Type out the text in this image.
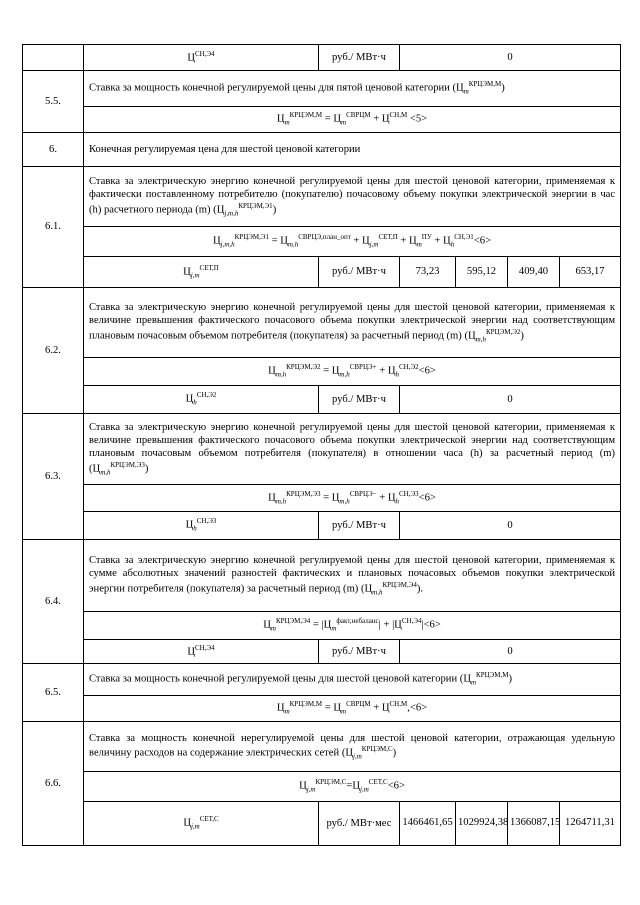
	$Ц^{СН,Э4}$	руб./ МВт·ч	0			
5.5.	Ставка за мощность конечной регулируемой цены для пятой ценовой категории $(Ц_m^{КРЦЭМ,М})$					
	$Ц_m^{КРЦЭМ,М} = Ц_m^{СВРЦМ} + Ц^{СН,М} <5>$					
6.	Конечная регулируемая цена для шестой ценовой категории					
6.1.	Ставка за электрическую энергию конечной регулируемой цены для шестой ценовой категории, применяемая к фактически поставленному потребителю (покупателю) почасовому объему покупки электрической энергии в час (h) расчетного периода (m) $(Ц_{j,m,h}^{КРЦЭМ,Э1})$					
	$Ц_{j,m,h}^{КРЦЭМ,Э1} = Ц_{m,h}^{СВРЦЭ,план\_опт} + Ц_{j,m}^{СЕТ,П} + Ц_m^{ПУ} + Ц_h^{СН,Э1}<6>$					
	$Ц_{j,m}^{СЕТ,П}$	руб./ МВт·ч	73,23	595,12	409,40	653,17
6.2.	Ставка за электрическую энергию конечной регулируемой цены для шестой ценовой категории, применяемая к величине превышения фактического почасового объема покупки электрической энергии над соответствующим плановым почасовым объемом потребителя (покупателя) за расчетный период (m) $(Ц_{m,h}^{КРЦЭМ,Э2})$					
	$Ц_{m,h}^{КРЦЭМ,Э2} = Ц_{m,h}^{СВРЦЭ+} + Ц_h^{СН,Э2}<6>$					
	$Ц_h^{СН,Э2}$	руб./ МВт·ч	0			
6.3.	Ставка за электрическую энергию конечной регулируемой цены для шестой ценовой категории, применяемая к величине превышения фактического почасового объема покупки электрической энергии над соответствующим плановым почасовым объемом потребителя (покупателя) в отношении часа (h) за расчетный период (m) $(Ц_{m,h}^{КРЦЭМ,Э3})$					
	$Ц_{m,h}^{КРЦЭМ,Э3} = Ц_{m,h}^{СВРЦЭ-} + Ц_h^{СН,Э3}<6>$					
	$Ц_h^{СН,Э3}$	руб./ МВт·ч	0			
6.4.	Ставка за электрическую энергию конечной регулируемой цены для шестой ценовой категории, применяемая к сумме абсолютных значений разностей фактических и плановых почасовых объемов покупки электрической энергии потребителя (покупателя) за расчетный период (m) $(Ц_{m,h}^{КРЦЭМ,Э4})$.					
	$Ц_m^{КРЦЭМ,Э4} = |Ц_m^{факт,небаланс}| + |Ц^{СН,Э4}|<6>$					
	$Ц^{СН,Э4}$	руб./ МВт·ч	0			
6.5.	Ставка за мощность конечной регулируемой цены для шестой ценовой категории $(Ц_m^{КРЦЭМ,М})$					
	$Ц_m^{КРЦЭМ,М} = Ц_m^{СВРЦМ} + Ц^{СН,М},<6>$					
6.6.	Ставка за мощность конечной нерегулируемой цены для шестой ценовой категории, отражающая удельную величину расходов на содержание электрических сетей $(Ц_{j,m}^{КРЦЭМ,С})$					
	$Ц_{j,m}^{КРЦЭМ,С}=Ц_{j,m}^{СЕТ,С}<6>$					
	$Ц_{j,m}^{СЕТ,С}$	руб./ МВт·мес	1466461,65	1029924,38	1366087,15	1264711,31
